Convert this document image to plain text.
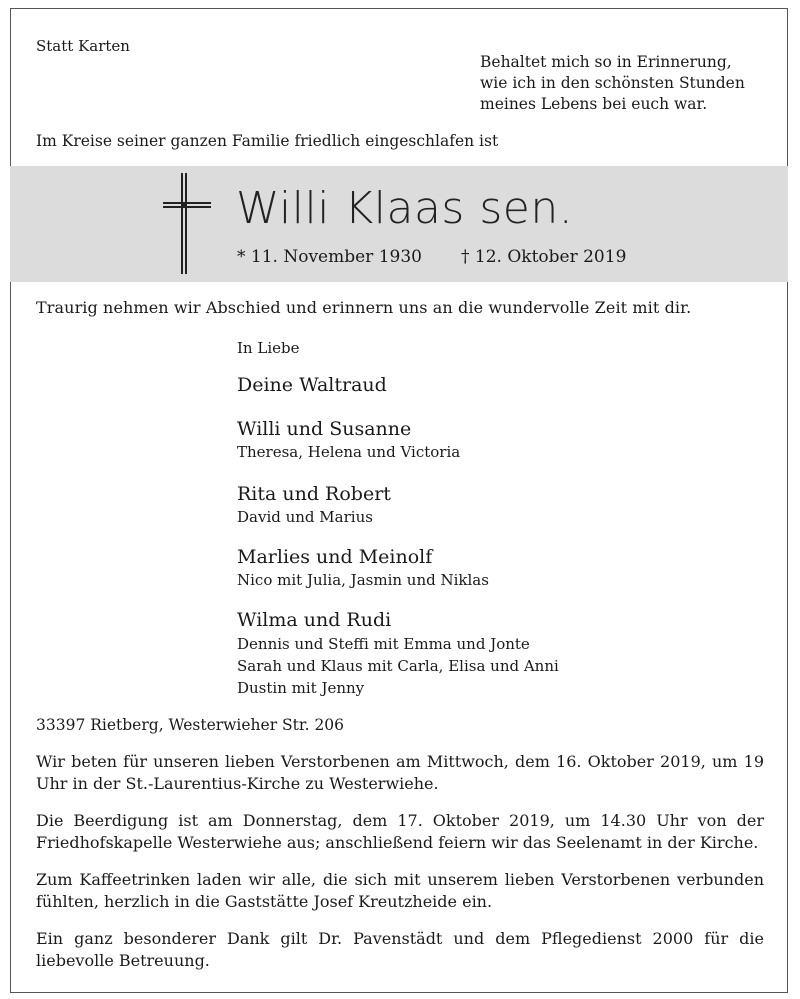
Statt Karten
Behaltet mich so in Erinnerung,
wie ich in den schönsten Stunden
meines Lebens bei euch war.
Im Kreise seiner ganzen Familie friedlich eingeschlafen ist
Willi Klaas sen.
* 11. November 1930 † 12. Oktober 2019
Traurig nehmen wir Abschied und erinnern uns an die wundervolle Zeit mit dir.
In Liebe
Deine Waltraud
Willi und Susanne
Theresa, Helena und Victoria
Rita und Robert
David und Marius
Marlies und Meinolf
Nico mit Julia, Jasmin und Niklas
Wilma und Rudi
Dennis und Steffi mit Emma und Jonte
Sarah und Klaus mit Carla, Elisa und Anni
Dustin mit Jenny
33397 Rietberg, Westerwieher Str. 206
Wir beten für unseren lieben Verstorbenen am Mittwoch, dem 16. Oktober 2019, um 19 Uhr in der St.-Laurentius-Kirche zu Westerwiehe.
Die Beerdigung ist am Donnerstag, dem 17. Oktober 2019, um 14.30 Uhr von der Friedhofskapelle Westerwiehe aus; anschließend feiern wir das Seelenamt in der Kirche.
Zum Kaffeetrinken laden wir alle, die sich mit unserem lieben Verstorbenen verbunden fühlten, herzlich in die Gaststätte Josef Kreutzheide ein.
Ein ganz besonderer Dank gilt Dr. Pavenstädt und dem Pflegedienst 2000 für die liebevolle Betreuung.
